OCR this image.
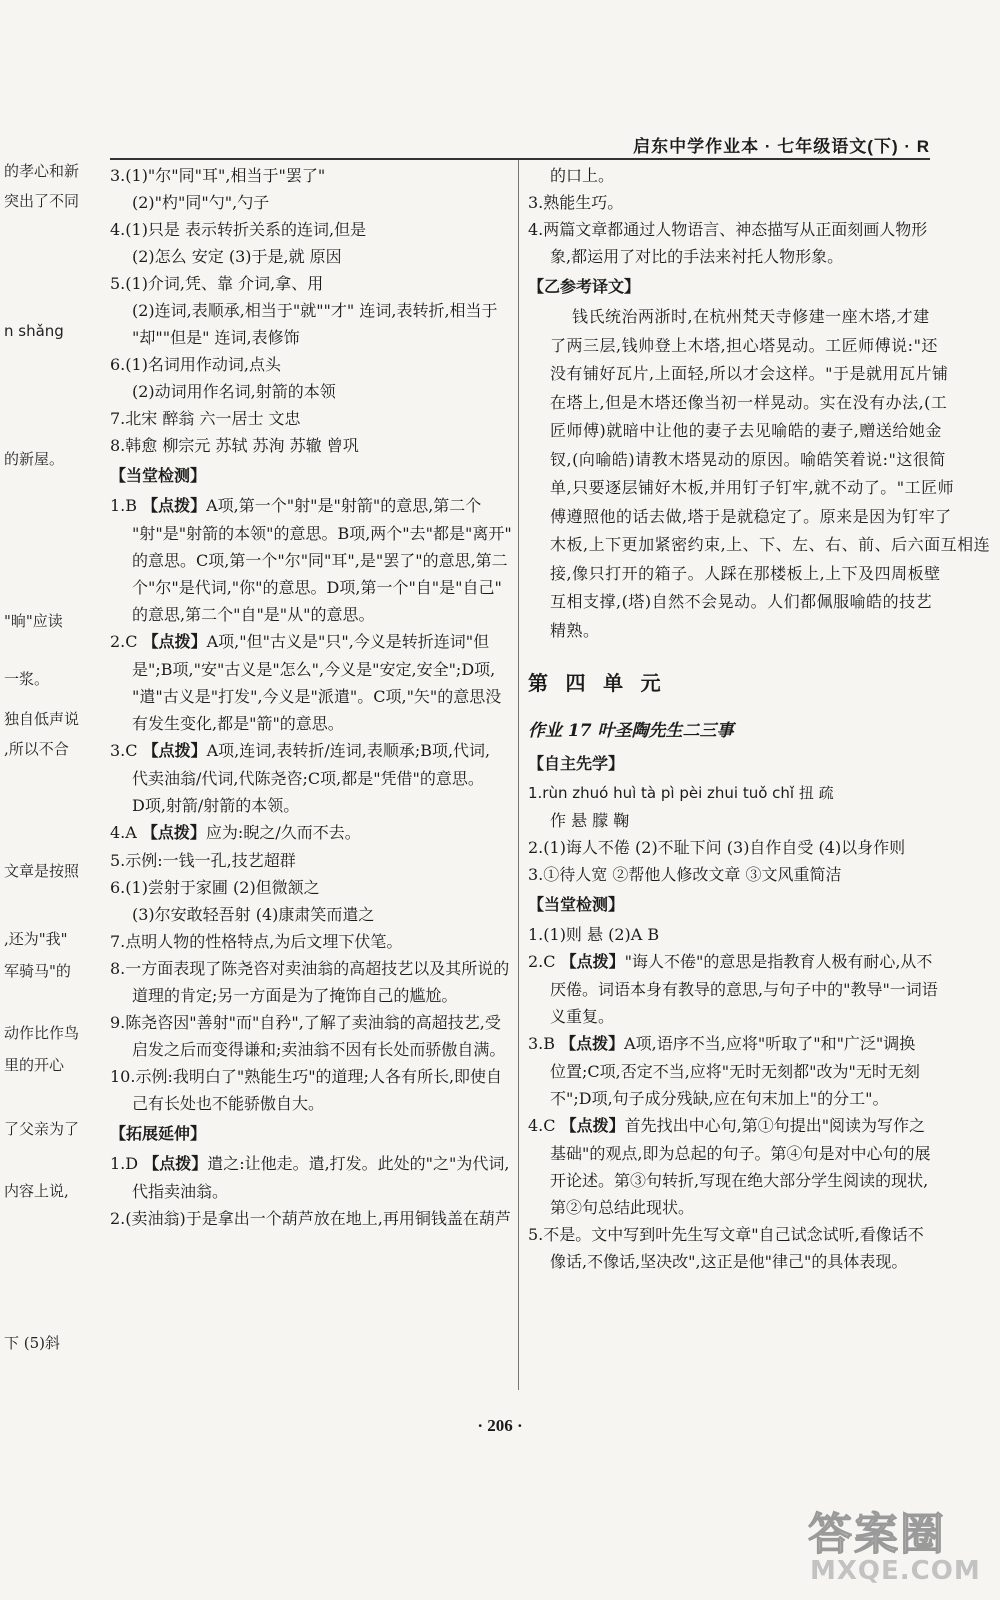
启东中学作业本 · 七年级语文(下) · R
的孝心和新
突出了不同
n shǎng
的新屋。
"晌"应读
一浆。
独自低声说
,所以不合
文章是按照
,还为"我"
军骑马"的
动作比作鸟
里的开心
了父亲为了
内容上说,
下 (5)斜
3.(1)"尔"同"耳",相当于"罢了"
(2)"杓"同"勺",勺子
4.(1)只是 表示转折关系的连词,但是
(2)怎么 安定 (3)于是,就 原因
5.(1)介词,凭、靠 介词,拿、用
(2)连词,表顺承,相当于"就""才" 连词,表转折,相当于
"却""但是" 连词,表修饰
6.(1)名词用作动词,点头
(2)动词用作名词,射箭的本领
7.北宋 醉翁 六一居士 文忠
8.韩愈 柳宗元 苏轼 苏洵 苏辙 曾巩
【当堂检测】
1.B 【点拨】A项,第一个"射"是"射箭"的意思,第二个
"射"是"射箭的本领"的意思。B项,两个"去"都是"离开"
的意思。C项,第一个"尔"同"耳",是"罢了"的意思,第二
个"尔"是代词,"你"的意思。D项,第一个"自"是"自己"
的意思,第二个"自"是"从"的意思。
2.C 【点拨】A项,"但"古义是"只",今义是转折连词"但
是";B项,"安"古义是"怎么",今义是"安定,安全";D项,
"遣"古义是"打发",今义是"派遣"。C项,"矢"的意思没
有发生变化,都是"箭"的意思。
3.C 【点拨】A项,连词,表转折/连词,表顺承;B项,代词,
代卖油翁/代词,代陈尧咨;C项,都是"凭借"的意思。
D项,射箭/射箭的本领。
4.A 【点拨】应为:睨之/久而不去。
5.示例:一钱一孔,技艺超群
6.(1)尝射于家圃 (2)但微颔之
(3)尔安敢轻吾射 (4)康肃笑而遣之
7.点明人物的性格特点,为后文埋下伏笔。
8.一方面表现了陈尧咨对卖油翁的高超技艺以及其所说的
道理的肯定;另一方面是为了掩饰自己的尴尬。
9.陈尧咨因"善射"而"自矜",了解了卖油翁的高超技艺,受
启发之后而变得谦和;卖油翁不因有长处而骄傲自满。
10.示例:我明白了"熟能生巧"的道理;人各有所长,即使自
己有长处也不能骄傲自大。
【拓展延伸】
1.D 【点拨】遣之:让他走。遣,打发。此处的"之"为代词,
代指卖油翁。
2.(卖油翁)于是拿出一个葫芦放在地上,再用铜钱盖在葫芦
的口上。
3.熟能生巧。
4.两篇文章都通过人物语言、神态描写从正面刻画人物形
象,都运用了对比的手法来衬托人物形象。
【乙参考译文】
钱氏统治两浙时,在杭州梵天寺修建一座木塔,才建
了两三层,钱帅登上木塔,担心塔晃动。工匠师傅说:"还
没有铺好瓦片,上面轻,所以才会这样。"于是就用瓦片铺
在塔上,但是木塔还像当初一样晃动。实在没有办法,(工
匠师傅)就暗中让他的妻子去见喻皓的妻子,赠送给她金
钗,(向喻皓)请教木塔晃动的原因。喻皓笑着说:"这很简
单,只要逐层铺好木板,并用钉子钉牢,就不动了。"工匠师
傅遵照他的话去做,塔于是就稳定了。原来是因为钉牢了
木板,上下更加紧密约束,上、下、左、右、前、后六面互相连
接,像只打开的箱子。人踩在那楼板上,上下及四周板壁
互相支撑,(塔)自然不会晃动。人们都佩服喻皓的技艺
精熟。
第 四 单 元
作业 17 叶圣陶先生二三事
【自主先学】
1.rùn zhuó huì tà pì pèi zhui tuǒ chǐ 扭 疏
作 悬 朦 鞠
2.(1)诲人不倦 (2)不耻下问 (3)自作自受 (4)以身作则
3.①待人宽 ②帮他人修改文章 ③文风重简洁
【当堂检测】
1.(1)则 悬 (2)A B
2.C 【点拨】"诲人不倦"的意思是指教育人极有耐心,从不
厌倦。词语本身有教导的意思,与句子中的"教导"一词语
义重复。
3.B 【点拨】A项,语序不当,应将"听取了"和"广泛"调换
位置;C项,否定不当,应将"无时无刻都"改为"无时无刻
不";D项,句子成分残缺,应在句末加上"的分工"。
4.C 【点拨】首先找出中心句,第①句提出"阅读为写作之
基础"的观点,即为总起的句子。第④句是对中心句的展
开论述。第③句转折,写现在绝大部分学生阅读的现状,
第②句总结此现状。
5.不是。文中写到叶先生写文章"自己试念试听,看像话不
像话,不像话,坚决改",这正是他"律己"的具体表现。
· 206 ·
答案圈
MXQE.COM
